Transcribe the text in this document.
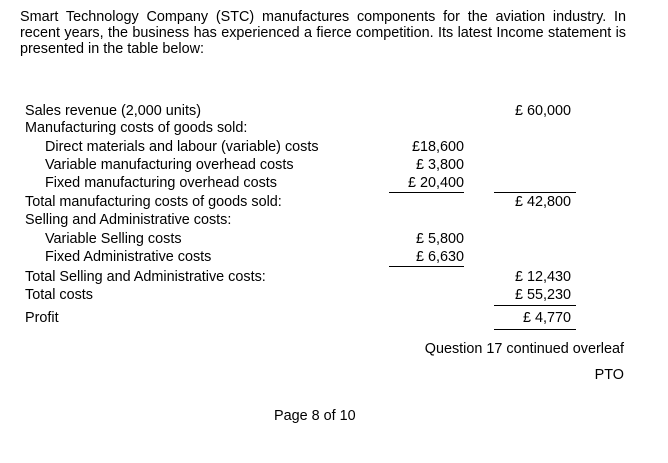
Smart Technology Company (STC) manufactures components for the aviation industry. In recent years, the business has experienced a fierce competition. Its latest Income statement is presented in the table below:
Sales revenue (2,000 units)	£ 60,000
Manufacturing costs of goods sold:
Direct materials and labour (variable) costs	£18,600
Variable manufacturing overhead costs	£ 3,800
Fixed manufacturing overhead costs	£ 20,400
Total manufacturing costs of goods sold:	£ 42,800
Selling and Administrative costs:
Variable Selling costs	£ 5,800
Fixed Administrative costs	£ 6,630
Total Selling and Administrative costs:	£ 12,430
Total costs	£ 55,230
Profit	£ 4,770
Question 17 continued overleaf
PTO
Page 8 of 10
